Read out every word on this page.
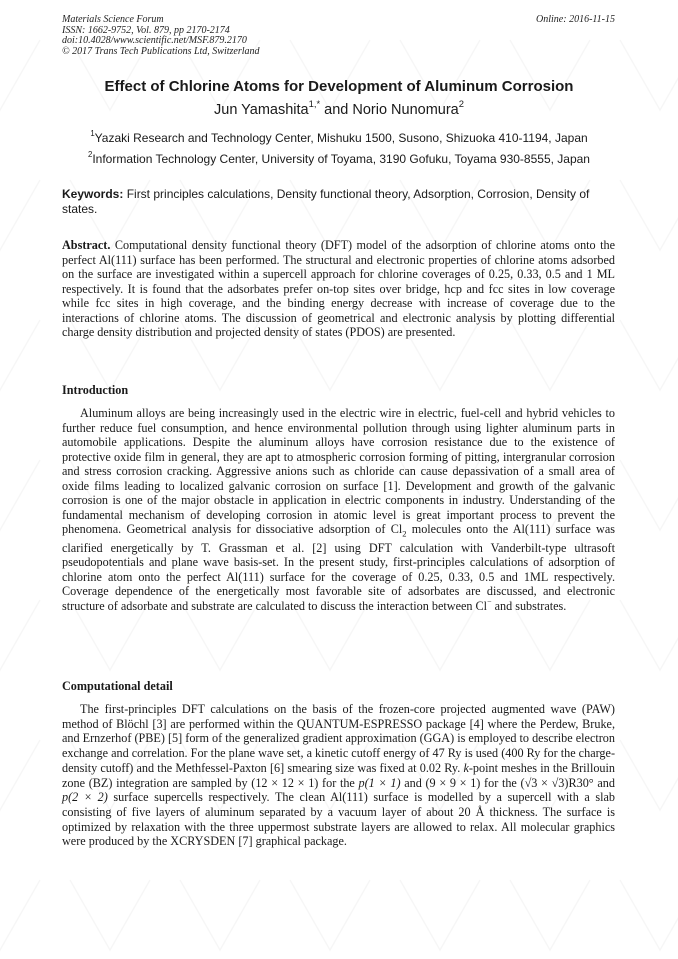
Materials Science Forum
ISSN: 1662-9752, Vol. 879, pp 2170-2174
doi:10.4028/www.scientific.net/MSF.879.2170
© 2017 Trans Tech Publications Ltd, Switzerland
Online: 2016-11-15
Effect of Chlorine Atoms for Development of Aluminum Corrosion
Jun Yamashita$^{1,*}$ and Norio Nunomura$^2$
$^1$Yazaki Research and Technology Center, Mishuku 1500, Susono, Shizuoka 410-1194, Japan
$^2$Information Technology Center, University of Toyama, 3190 Gofuku, Toyama 930-8555, Japan
Keywords: First principles calculations, Density functional theory, Adsorption, Corrosion, Density of states.
Abstract. Computational density functional theory (DFT) model of the adsorption of chlorine atoms onto the perfect Al(111) surface has been performed. The structural and electronic properties of chlorine atoms adsorbed on the surface are investigated within a supercell approach for chlorine coverages of 0.25, 0.33, 0.5 and 1 ML respectively. It is found that the adsorbates prefer on-top sites over bridge, hcp and fcc sites in low coverage while fcc sites in high coverage, and the binding energy decrease with increase of coverage due to the interactions of chlorine atoms. The discussion of geometrical and electronic analysis by plotting differential charge density distribution and projected density of states (PDOS) are presented.
Introduction
Aluminum alloys are being increasingly used in the electric wire in electric, fuel-cell and hybrid vehicles to further reduce fuel consumption, and hence environmental pollution through using lighter aluminum parts in automobile applications. Despite the aluminum alloys have corrosion resistance due to the existence of protective oxide film in general, they are apt to atmospheric corrosion forming of pitting, intergranular corrosion and stress corrosion cracking. Aggressive anions such as chloride can cause depassivation of a small area of oxide films leading to localized galvanic corrosion on surface [1]. Development and growth of the galvanic corrosion is one of the major obstacle in application in electric components in industry. Understanding of the fundamental mechanism of developing corrosion in atomic level is great important process to prevent the phenomena. Geometrical analysis for dissociative adsorption of $Cl_2$ molecules onto the Al(111) surface was clarified energetically by T. Grassman et al. [2] using DFT calculation with Vanderbilt-type ultrasoft pseudopotentials and plane wave basis-set. In the present study, first-principles calculations of adsorption of chlorine atom onto the perfect Al(111) surface for the coverage of 0.25, 0.33, 0.5 and 1ML respectively. Coverage dependence of the energetically most favorable site of adsorbates are discussed, and electronic structure of adsorbate and substrate are calculated to discuss the interaction between Cl− and substrates.
Computational detail
The first-principles DFT calculations on the basis of the frozen-core projected augmented wave (PAW) method of Blöchl [3] are performed within the QUANTUM-ESPRESSO package [4] where the Perdew, Bruke, and Ernzerhof (PBE) [5] form of the generalized gradient approximation (GGA) is employed to describe electron exchange and correlation. For the plane wave set, a kinetic cutoff energy of 47 Ry is used (400 Ry for the charge-density cutoff) and the Methfessel-Paxton [6] smearing size was fixed at 0.02 Ry. k-point meshes in the Brillouin zone (BZ) integration are sampled by (12 × 12 × 1) for the p(1 × 1) and (9 × 9 × 1) for the (√3 × √3)R30° and p(2 × 2) surface supercells respectively. The clean Al(111) surface is modelled by a supercell with a slab consisting of five layers of aluminum separated by a vacuum layer of about 20 Å thickness. The surface is optimized by relaxation with the three uppermost substrate layers are allowed to relax. All molecular graphics were produced by the XCRYSDEN [7] graphical package.
